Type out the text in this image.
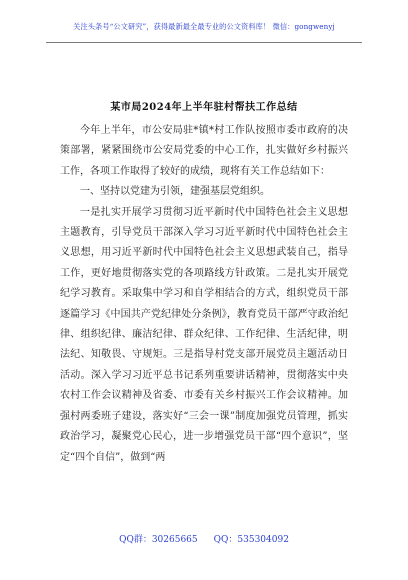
关注头条号“公文研究”，获得最新最全最专业的公文资料库！ 微信：gongwenyj
某市局2024年上半年驻村帮扶工作总结

今年上半年，市公安局驻*镇*村工作队按照市委市政府的决策部署，紧紧围绕市公安局党委的中心工作，扎实做好乡村振兴工作，各项工作取得了较好的成绩，现将有关工作总结如下：

一、坚持以党建为引领，建强基层党组织。

一是扎实开展学习贯彻习近平新时代中国特色社会主义思想主题教育，引导党员干部深入学习习近平新时代中国特色社会主义思想，用习近平新时代中国特色社会主义思想武装自己，指导工作，更好地贯彻落实党的各项路线方针政策。二是扎实开展党纪学习教育。采取集中学习和自学相结合的方式，组织党员干部逐篇学习《中国共产党纪律处分条例》，教育党员干部严守政治纪律、组织纪律、廉洁纪律、群众纪律、工作纪律、生活纪律，明法纪、知敬畏、守规矩。三是指导村党支部开展党员主题活动日活动。深入学习习近平总书记系列重要讲话精神，贯彻落实中央农村工作会议精神及省委、市委有关乡村振兴工作会议精神。加强村两委班子建设，落实好“三会一课”制度加强党员管理，抓实政治学习，凝聚党心民心，进一步增强党员干部“四个意识”，坚定“四个自信”，做到“两

QQ群：30265665 QQ：535304092
